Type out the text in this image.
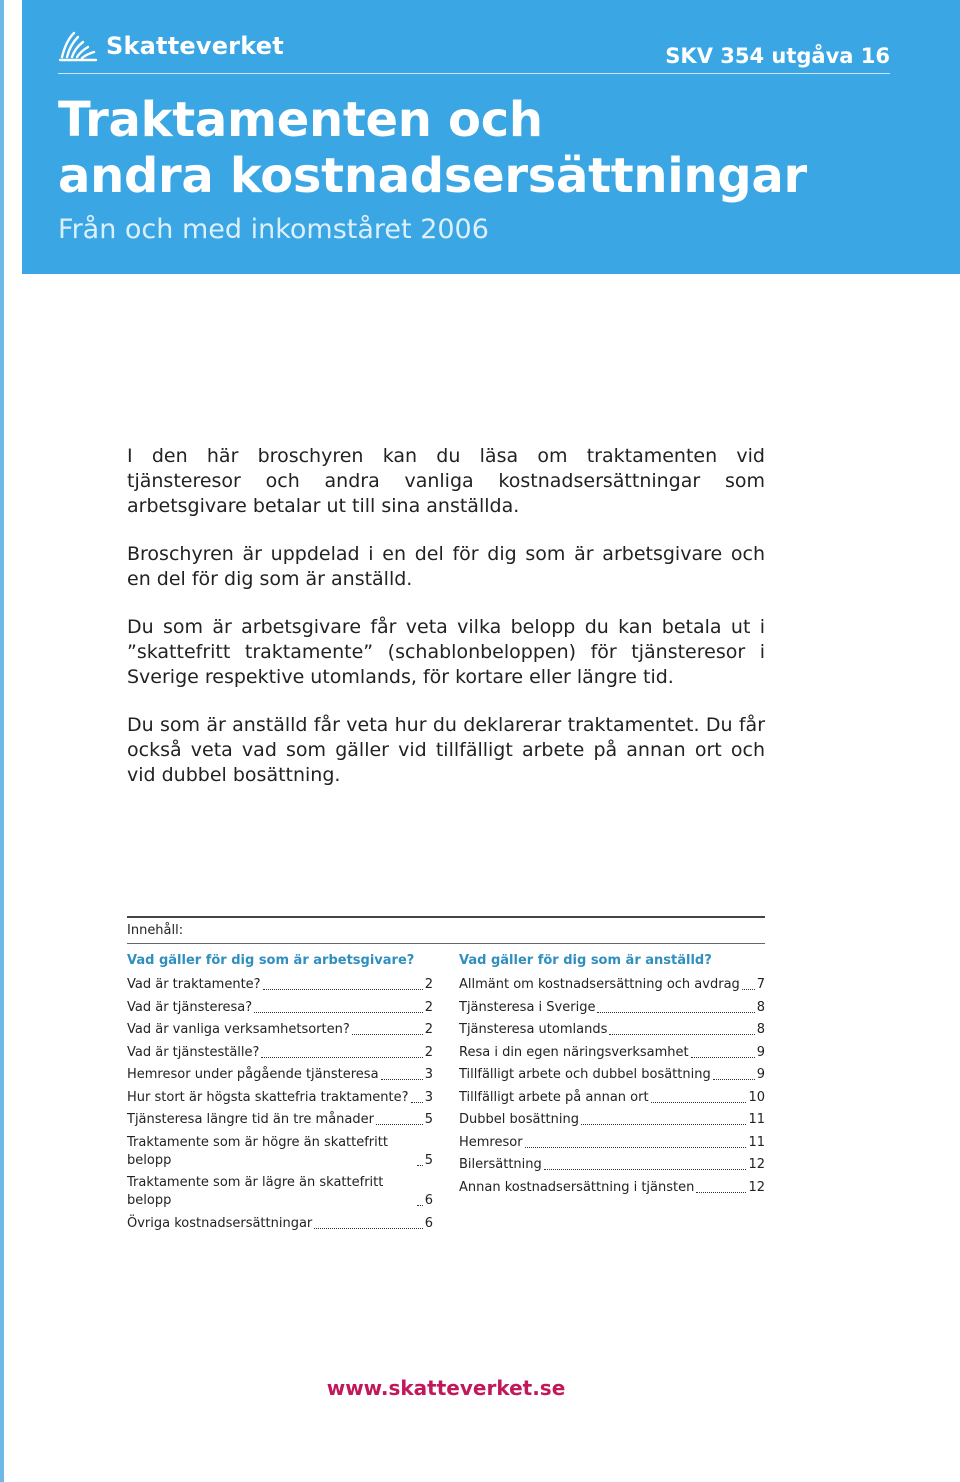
Skatteverket	SKV 354 utgåva 16
Traktamenten och
andra kostnadsersättningar
Från och med inkomståret 2006

I den här broschyren kan du läsa om traktamenten vid tjänsteresor och andra vanliga kostnadsersättningar som arbetsgivare betalar ut till sina anställda.

Broschyren är uppdelad i en del för dig som är arbetsgivare och en del för dig som är anställd.

Du som är arbetsgivare får veta vilka belopp du kan betala ut i ”skattefritt traktamente” (schablonbeloppen) för tjänsteresor i Sverige respektive utomlands, för kortare eller längre tid.

Du som är anställd får veta hur du deklarerar traktamentet. Du får också veta vad som gäller vid tillfälligt arbete på annan ort och vid dubbel bosättning.

Innehåll:
Vad gäller för dig som är arbetsgivare?
Vad är traktamente?	2
Vad är tjänsteresa?	2
Vad är vanliga verksamhetsorten?	2
Vad är tjänsteställe?	2
Hemresor under pågående tjänsteresa	3
Hur stort är högsta skattefria traktamente? 3
Tjänsteresa längre tid än tre månader	5
Traktamente som är högre än skattefritt belopp	5
Traktamente som är lägre än skattefritt belopp	6
Övriga kostnadsersättningar	6
Vad gäller för dig som är anställd?
Allmänt om kostnadsersättning och avdrag 7
Tjänsteresa i Sverige	8
Tjänsteresa utomlands	8
Resa i din egen näringsverksamhet	9
Tillfälligt arbete och dubbel bosättning	9
Tillfälligt arbete på annan ort	10
Dubbel bosättning	11
Hemresor	11
Bilersättning	12
Annan kostnadsersättning i tjänsten	12
www.skatteverket.se
